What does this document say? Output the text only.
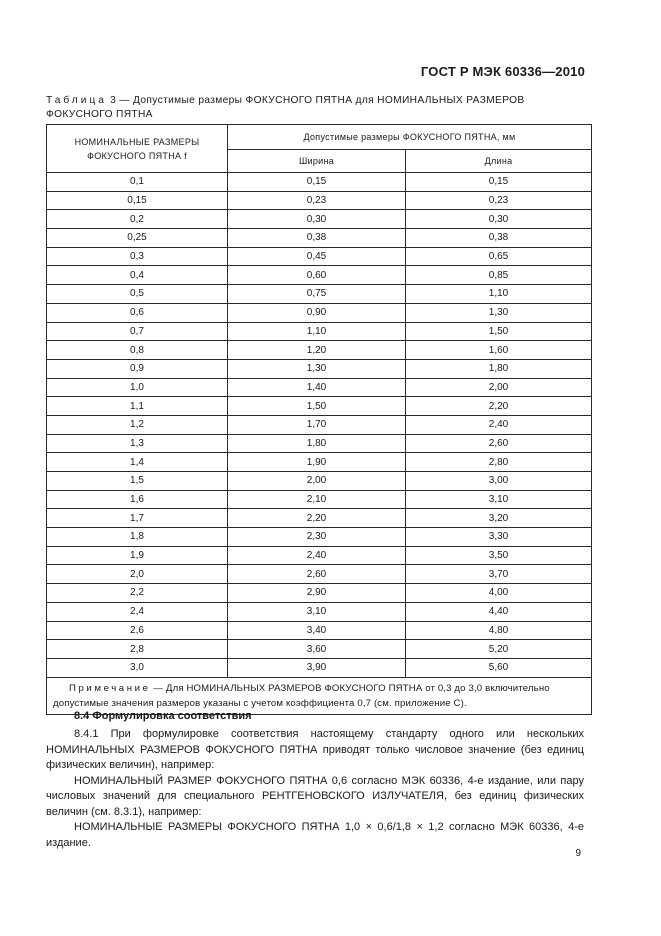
ГОСТ Р МЭК 60336—2010
Таблица 3 — Допустимые размеры ФОКУСНОГО ПЯТНА для НОМИНАЛЬНЫХ РАЗМЕРОВ ФОКУСНОГО ПЯТНА
НОМИНАЛЬНЫЕ РАЗМЕРЫ ФОКУСНОГО ПЯТНА f	Допустимые размеры ФОКУСНОГО ПЯТНА, мм	
	Ширина	Длина
0,1	0,15	0,15
0,15	0,23	0,23
0,2	0,30	0,30
0,25	0,38	0,38
0,3	0,45	0,65
0,4	0,60	0,85
0,5	0,75	1,10
0,6	0,90	1,30
0,7	1,10	1,50
0,8	1,20	1,60
0,9	1,30	1,80
1,0	1,40	2,00
1,1	1,50	2,20
1,2	1,70	2,40
1,3	1,80	2,60
1,4	1,90	2,80
1,5	2,00	3,00
1,6	2,10	3,10
1,7	2,20	3,20
1,8	2,30	3,30
1,9	2,40	3,50
2,0	2,60	3,70
2,2	2,90	4,00
2,4	3,10	4,40
2,6	3,40	4,80
2,8	3,60	5,20
3,0	3,90	5,60
Примечание — Для НОМИНАЛЬНЫХ РАЗМЕРОВ ФОКУСНОГО ПЯТНА от 0,3 до 3,0 включительно допустимые значения размеров указаны с учетом коэффициента 0,7 (см. приложение С).		
8.4 Формулировка соответствия

8.4.1 При формулировке соответствия настоящему стандарту одного или нескольких НОМИНАЛЬНЫХ РАЗМЕРОВ ФОКУСНОГО ПЯТНА приводят только числовое значение (без единиц физических величин), например:

НОМИНАЛЬНЫЙ РАЗМЕР ФОКУСНОГО ПЯТНА 0,6 согласно МЭК 60336, 4-е издание, или пару числовых значений для специального РЕНТГЕНОВСКОГО ИЗЛУЧАТЕЛЯ, без единиц физических величин (см. 8.3.1), например:

НОМИНАЛЬНЫЕ РАЗМЕРЫ ФОКУСНОГО ПЯТНА 1,0 × 0,6/1,8 × 1,2 согласно МЭК 60336, 4-е издание.

9
